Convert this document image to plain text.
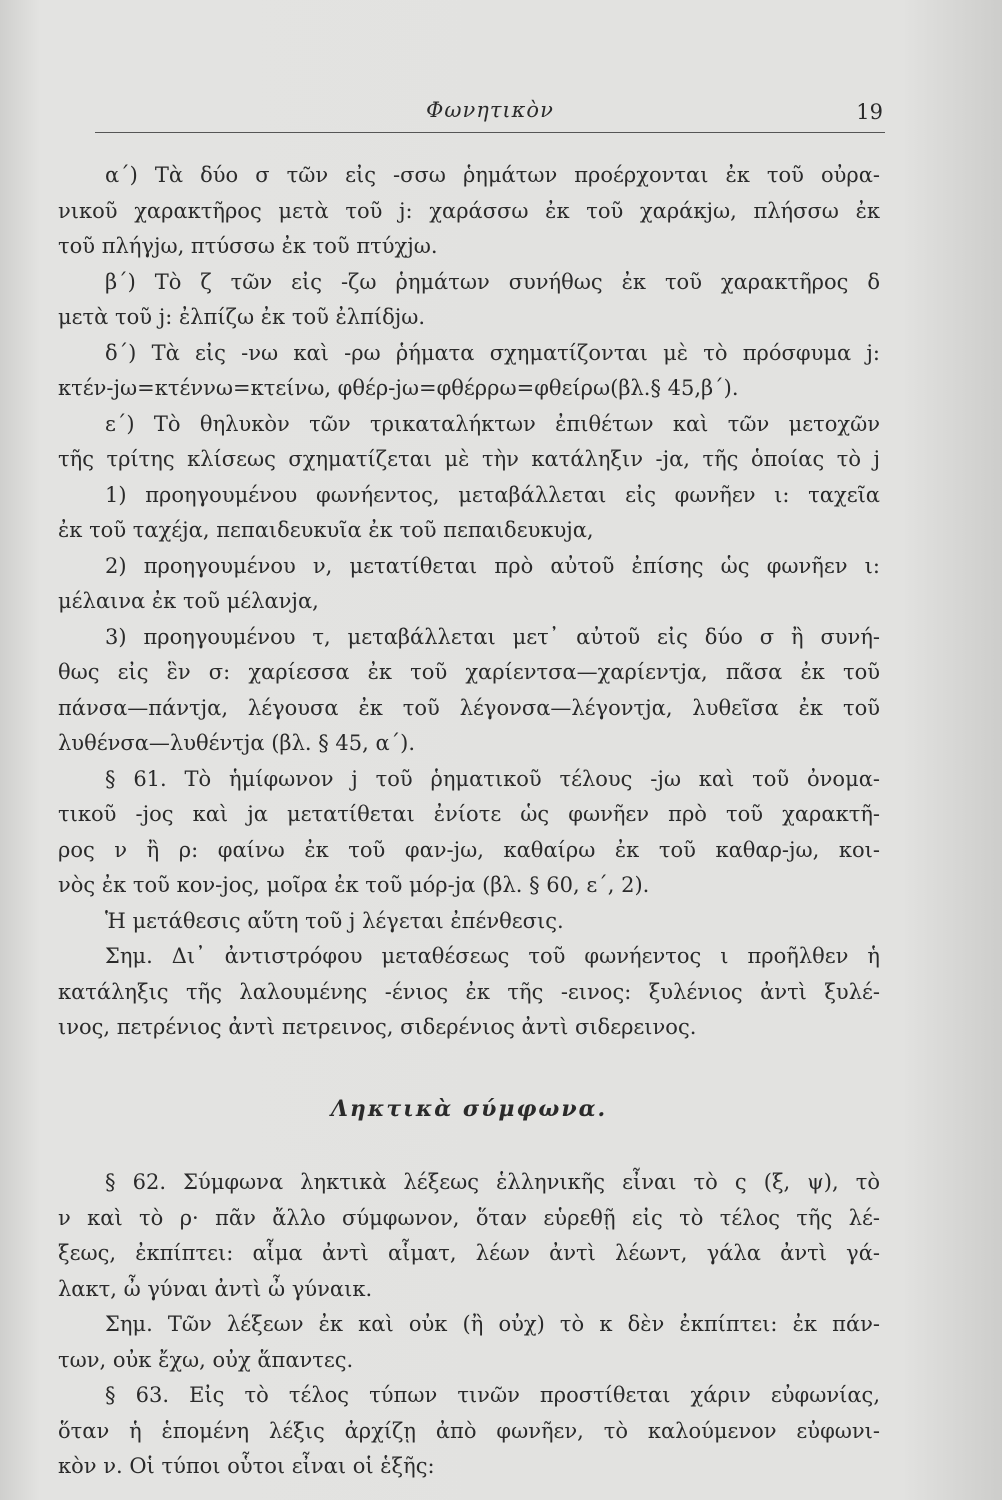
Φωνητικὸν	19
α΄) Τὰ δύο σ τῶν εἰς -σσω ῥημάτων προέρχονται ἐκ τοῦ οὐρα-
νικοῦ χαρακτῆρος μετὰ τοῦ j: χαράσσω ἐκ τοῦ χαράκjω, πλήσσω ἐκ
τοῦ πλήγjω, πτύσσω ἐκ τοῦ πτύχjω.
β΄) Τὸ ζ τῶν εἰς -ζω ῥημάτων συνήθως ἐκ τοῦ χαρακτῆρος δ
μετὰ τοῦ j: ἐλπίζω ἐκ τοῦ ἐλπίδjω.
δ΄) Τὰ εἰς -νω καὶ -ρω ῥήματα σχηματίζονται μὲ τὸ πρόσφυμα j:
κτέν-jω=κτέννω=κτείνω, φθέρ-jω=φθέρρω=φθείρω(βλ.§ 45,β΄).
ε΄) Τὸ θηλυκὸν τῶν τρικαταλήκτων ἐπιθέτων καὶ τῶν μετοχῶν
τῆς τρίτης κλίσεως σχηματίζεται μὲ τὴν κατάληξιν -jα, τῆς ὁποίας τὸ j
1) προηγουμένου φωνήεντος, μεταβάλλεται εἰς φωνῆεν ι: ταχεῖα
ἐκ τοῦ ταχέjα, πεπαιδευκυῖα ἐκ τοῦ πεπαιδευκυjα,
2) προηγουμένου ν, μετατίθεται πρὸ αὐτοῦ ἐπίσης ὡς φωνῆεν ι:
μέλαινα ἐκ τοῦ μέλανjα,
3) προηγουμένου τ, μεταβάλλεται μετ᾿ αὐτοῦ εἰς δύο σ ἢ συνή-
θως εἰς ἓν σ: χαρίεσσα ἐκ τοῦ χαρίεντσα—χαρίεντjα, πᾶσα ἐκ τοῦ
πάνσα—πάντjα, λέγουσα ἐκ τοῦ λέγονσα—λέγοντjα, λυθεῖσα ἐκ τοῦ
λυθένσα—λυθέντjα (βλ. § 45, α΄).
§ 61. Τὸ ἡμίφωνον j τοῦ ῥηματικοῦ τέλους -jω καὶ τοῦ ὀνομα-
τικοῦ -jος καὶ jα μετατίθεται ἐνίοτε ὡς φωνῆεν πρὸ τοῦ χαρακτῆ-
ρος ν ἢ ρ: φαίνω ἐκ τοῦ φαν-jω, καθαίρω ἐκ τοῦ καθαρ-jω, κοι-
νὸς ἐκ τοῦ κον-jος, μοῖρα ἐκ τοῦ μόρ-jα (βλ. § 60, ε΄, 2).
Ἡ μετάθεσις αὕτη τοῦ j λέγεται ἐπένθεσις.
Σημ. Δι᾿ ἀντιστρόφου μεταθέσεως τοῦ φωνήεντος ι προῆλθεν ἡ
κατάληξις τῆς λαλουμένης -ένιος ἐκ τῆς -εινος: ξυλένιος ἀντὶ ξυλέ-
ινος, πετρένιος ἀντὶ πετρεινος, σιδερένιος ἀντὶ σιδερεινος.
Ληκτικὰ σύμφωνα.
§ 62. Σύμφωνα ληκτικὰ λέξεως ἑλληνικῆς εἶναι τὸ ς (ξ, ψ), τὸ
ν καὶ τὸ ρ· πᾶν ἄλλο σύμφωνον, ὅταν εὑρεθῇ εἰς τὸ τέλος τῆς λέ-
ξεως, ἐκπίπτει: αἷμα ἀντὶ αἷματ, λέων ἀντὶ λέωντ, γάλα ἀντὶ γά-
λακτ, ὦ γύναι ἀντὶ ὦ γύναικ.
Σημ. Τῶν λέξεων ἐκ καὶ οὐκ (ἢ οὐχ) τὸ κ δὲν ἐκπίπτει: ἐκ πάν-
των, οὐκ ἔχω, οὐχ ἅπαντες.
§ 63. Εἰς τὸ τέλος τύπων τινῶν προστίθεται χάριν εὐφωνίας,
ὅταν ἡ ἑπομένη λέξις ἀρχίζῃ ἀπὸ φωνῆεν, τὸ καλούμενον εὐφωνι-
κὸν ν. Οἱ τύποι οὗτοι εἶναι οἱ ἑξῆς:
